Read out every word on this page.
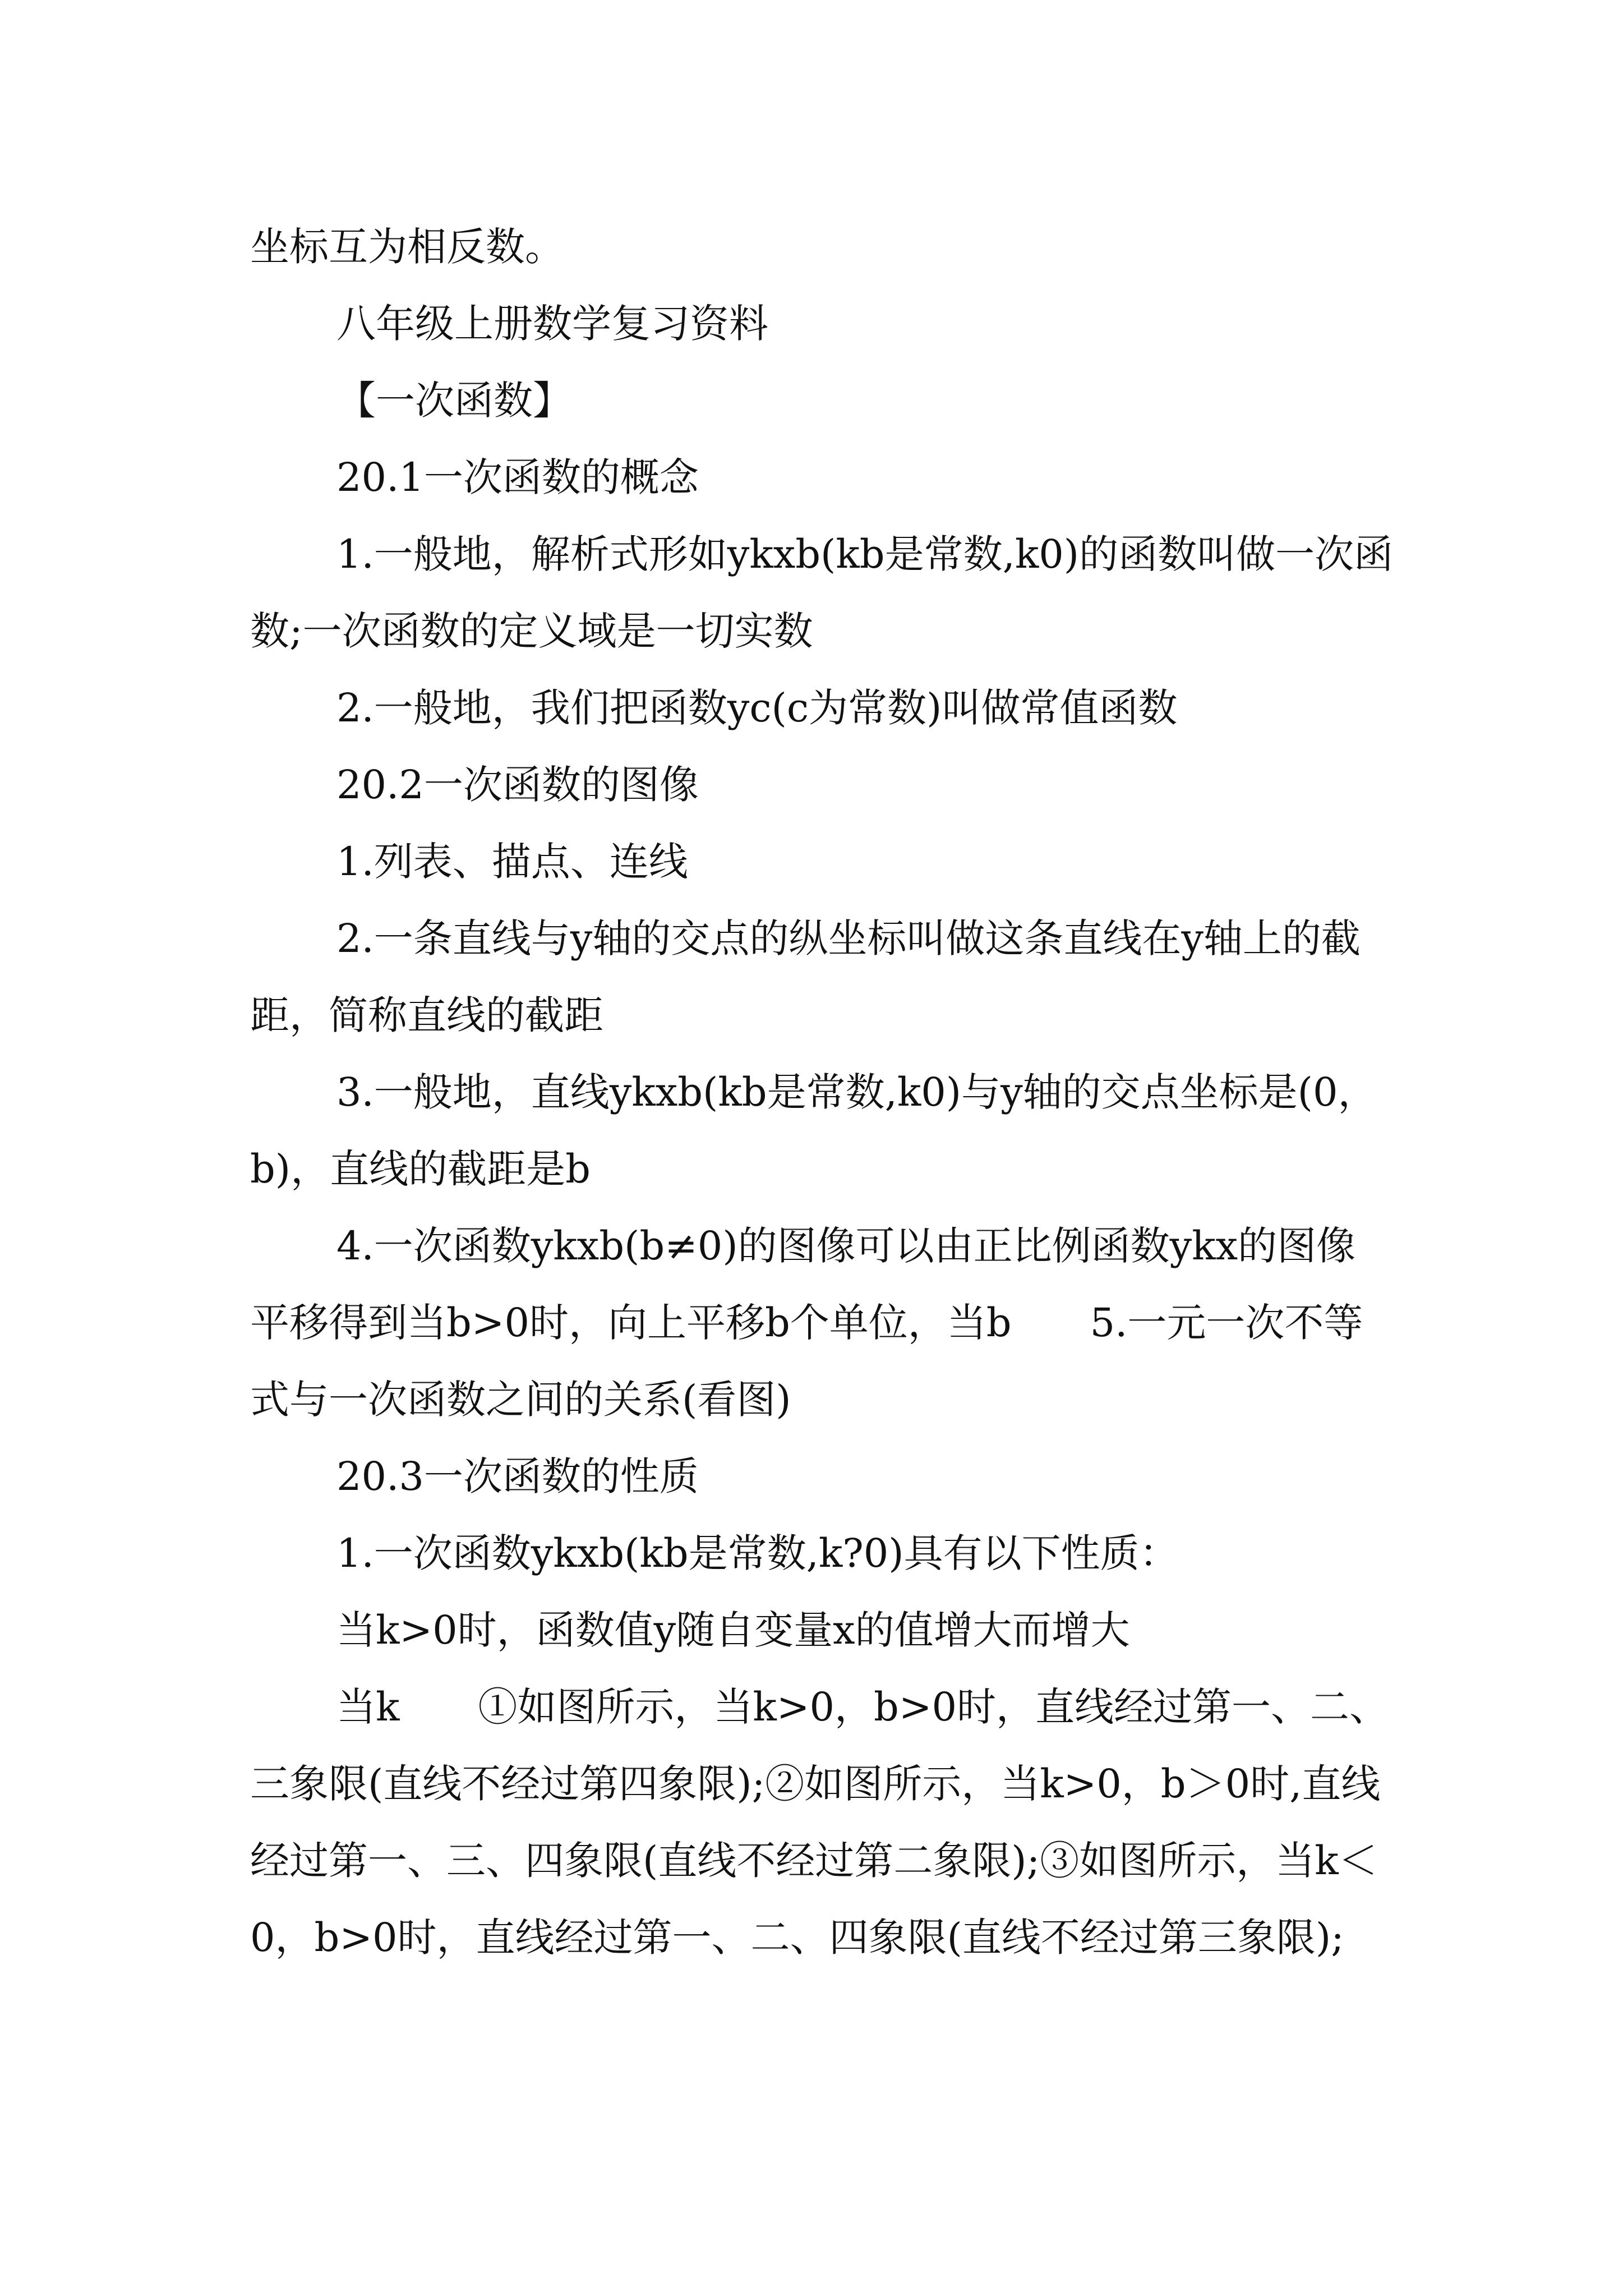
坐标互为相反数。

八年级上册数学复习资料

【一次函数】

20.1一次函数的概念

1.一般地，解析式形如ykxb(kb是常数,k0)的函数叫做一次函数;一次函数的定义域是一切实数

2.一般地，我们把函数yc(c为常数)叫做常值函数

20.2一次函数的图像

1.列表、描点、连线

2.一条直线与y轴的交点的纵坐标叫做这条直线在y轴上的截距，简称直线的截距

3.一般地，直线ykxb(kb是常数,k0)与y轴的交点坐标是(0，b)，直线的截距是b

4.一次函数ykxb(b≠0)的图像可以由正比例函数ykx的图像平移得到当b>0时，向上平移b个单位，当b　　5.一元一次不等式与一次函数之间的关系(看图)

20.3一次函数的性质

1.一次函数ykxb(kb是常数,k?0)具有以下性质：

当k>0时，函数值y随自变量x的值增大而增大

当k　　①如图所示，当k>0，b>0时，直线经过第一、二、三象限(直线不经过第四象限);②如图所示，当k>0，b＞0时,直线经过第一、三、四象限(直线不经过第二象限);③如图所示，当k＜0，b>0时，直线经过第一、二、四象限(直线不经过第三象限);
